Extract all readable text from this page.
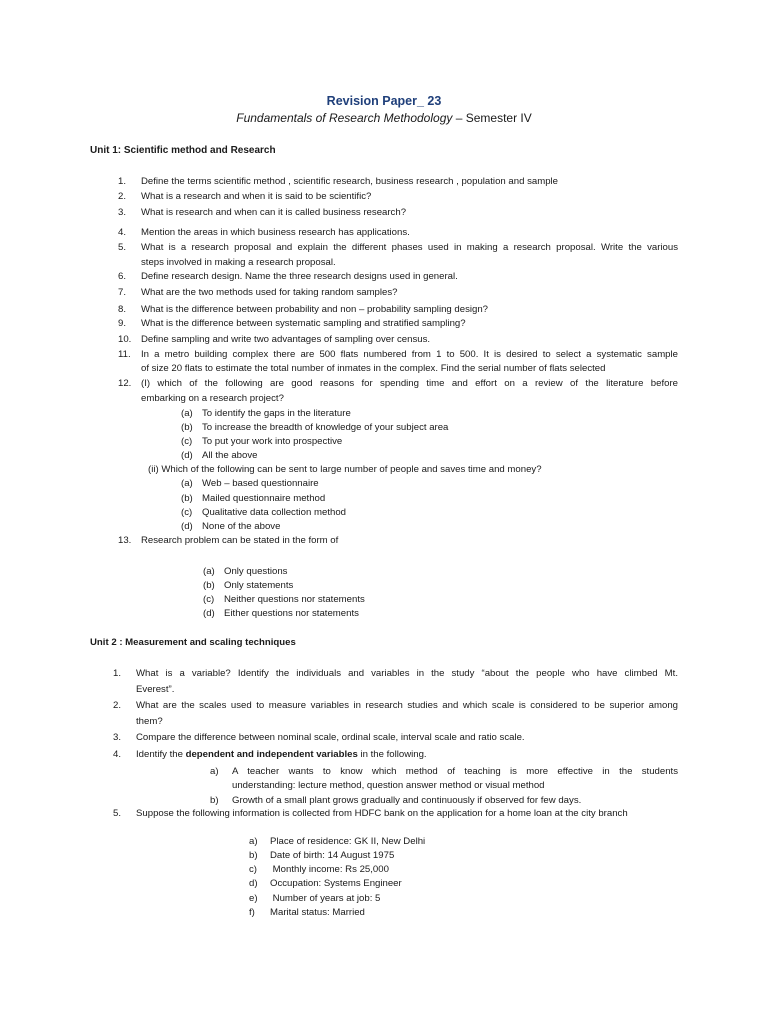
Revision Paper_ 23
Fundamentals of Research Methodology – Semester IV
Unit 1: Scientific method and Research
1.	Define the terms scientific method , scientific research, business research , population and sample
2.	What is a research and when it is said to be scientific?
3.	What is research and when can it is called business research?
4.	Mention the areas in which business research has applications.
5.	What is a research proposal and explain the different phases used in making a research proposal. Write the various
steps involved in making a research proposal.
6.	Define research design. Name the three research designs used in general.
7.	What are the two methods used for taking random samples?
8.	What is the difference between probability and non – probability sampling design?
9.	What is the difference between systematic sampling and stratified sampling?
10.	Define sampling and write two advantages of sampling over census.
11.	In a metro building complex there are 500 flats numbered from 1 to 500. It is desired to select a systematic sample
of size 20 flats to estimate the total number of inmates in the complex. Find the serial number of flats selected
12.	(I) which of the following are good reasons for spending time and effort on a review of the literature before
embarking on a research project?
(a) To identify the gaps in the literature
(b) To increase the breadth of knowledge of your subject area
(c) To put your work into prospective
(d) All the above
(ii) Which of the following can be sent to large number of people and saves time and money?
(a) Web – based questionnaire
(b) Mailed questionnaire method
(c) Qualitative data collection method
(d) None of the above
13.	Research problem can be stated in the form of
(a) Only questions
(b) Only statements
(c) Neither questions nor statements
(d) Either questions nor statements
Unit 2 : Measurement and scaling techniques
1.	What is a variable? Identify the individuals and variables in the study “about the people who have climbed Mt.
Everest”.
2.	What are the scales used to measure variables in research studies and which scale is considered to be superior among
them?
3.	Compare the difference between nominal scale, ordinal scale, interval scale and ratio scale.
4.	Identify the dependent and independent variables in the following.
a)	A teacher wants to know which method of teaching is more effective in the students
understanding: lecture method, question answer method or visual method
b)	Growth of a small plant grows gradually and continuously if observed for few days.
5.	Suppose the following information is collected from HDFC bank on the application for a home loan at the city branch
a) Place of residence: GK II, New Delhi
b) Date of birth: 14 August 1975
c) Monthly income: Rs 25,000
d) Occupation: Systems Engineer
e) Number of years at job: 5
f) Marital status: Married
